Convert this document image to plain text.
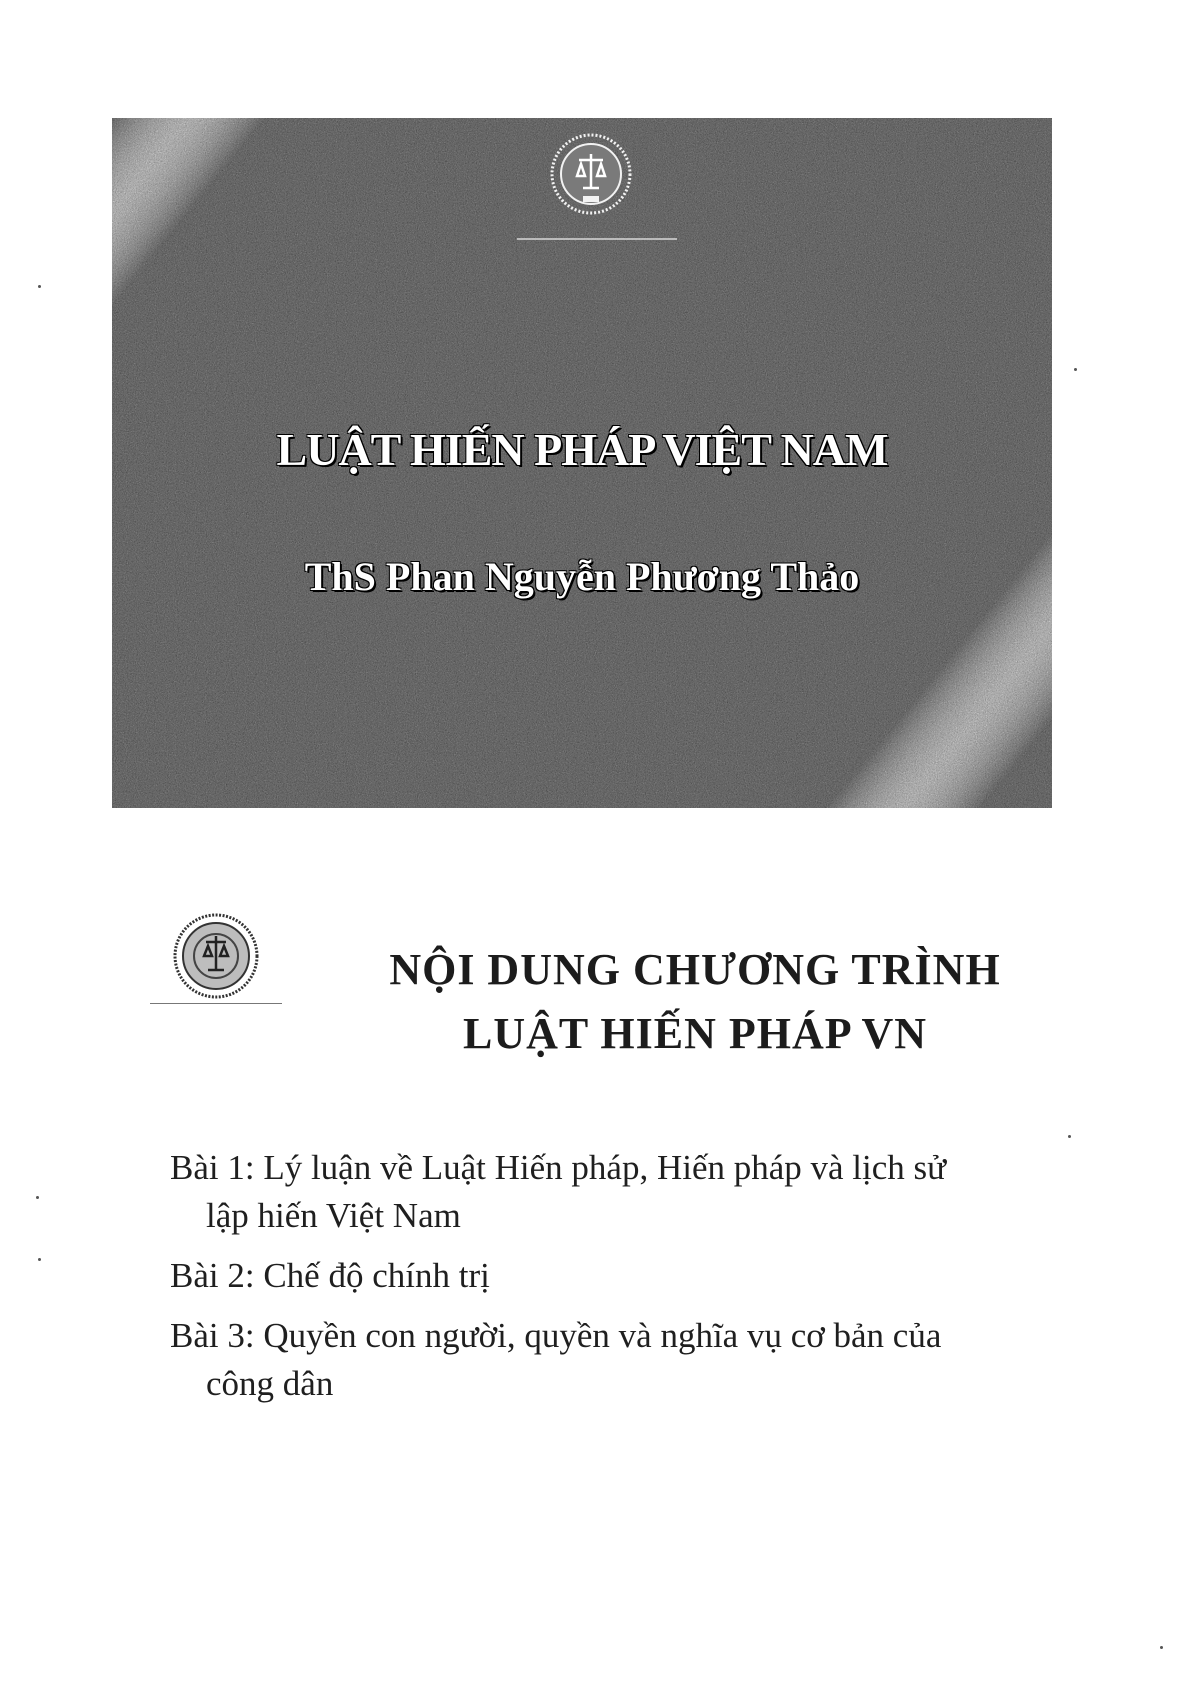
LUẬT HIẾN PHÁP VIỆT NAM
ThS Phan Nguyễn Phương Thảo
NỘI DUNG CHƯƠNG TRÌNH
LUẬT HIẾN PHÁP VN
Bài 1: Lý luận về Luật Hiến pháp, Hiến pháp và lịch sử lập hiến Việt Nam
Bài 2: Chế độ chính trị
Bài 3: Quyền con người, quyền và nghĩa vụ cơ bản của công dân
